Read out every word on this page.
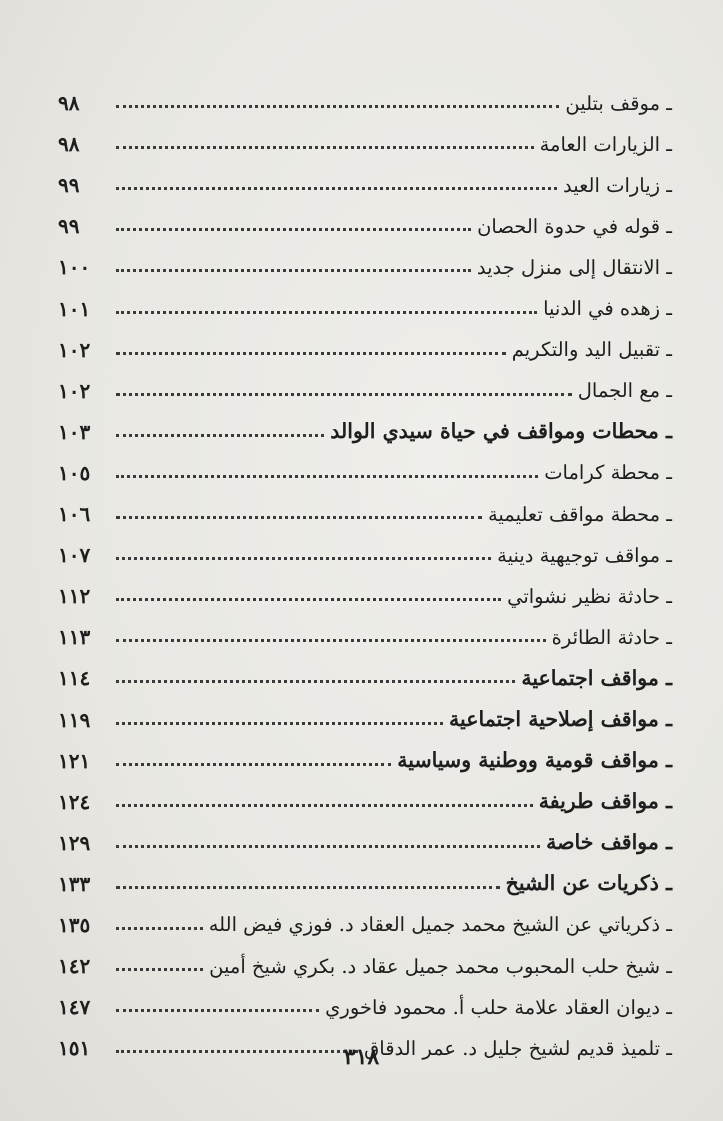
ـ موقف بتلين
٩٨
ـ الزيارات العامة
٩٨
ـ زيارات العيد
٩٩
ـ قوله في حدوة الحصان
٩٩
ـ الانتقال إلى منزل جديد
١٠٠
ـ زهده في الدنيا
١٠١
ـ تقبيل اليد والتكريم
١٠٢
ـ مع الجمال
١٠٢
ـ محطات ومواقف في حياة سيدي الوالد
١٠٣
ـ محطة كرامات
١٠٥
ـ محطة مواقف تعليمية
١٠٦
ـ مواقف توجيهية دينية
١٠٧
ـ حادثة نظير نشواتي
١١٢
ـ حادثة الطائرة
١١٣
ـ مواقف اجتماعية
١١٤
ـ مواقف إصلاحية اجتماعية
١١٩
ـ مواقف قومية ووطنية وسياسية
١٢١
ـ مواقف طريفة
١٢٤
ـ مواقف خاصة
١٢٩
ـ ذكريات عن الشيخ
١٣٣
ـ ذكرياتي عن الشيخ محمد جميل العقاد د. فوزي فيض الله
١٣٥
ـ شيخ حلب المحبوب محمد جميل عقاد د. بكري شيخ أمين
١٤٢
ـ ديوان العقاد علامة حلب أ. محمود فاخوري
١٤٧
ـ تلميذ قديم لشيخ جليل د. عمر الدقاق
١٥١	٣١٨
